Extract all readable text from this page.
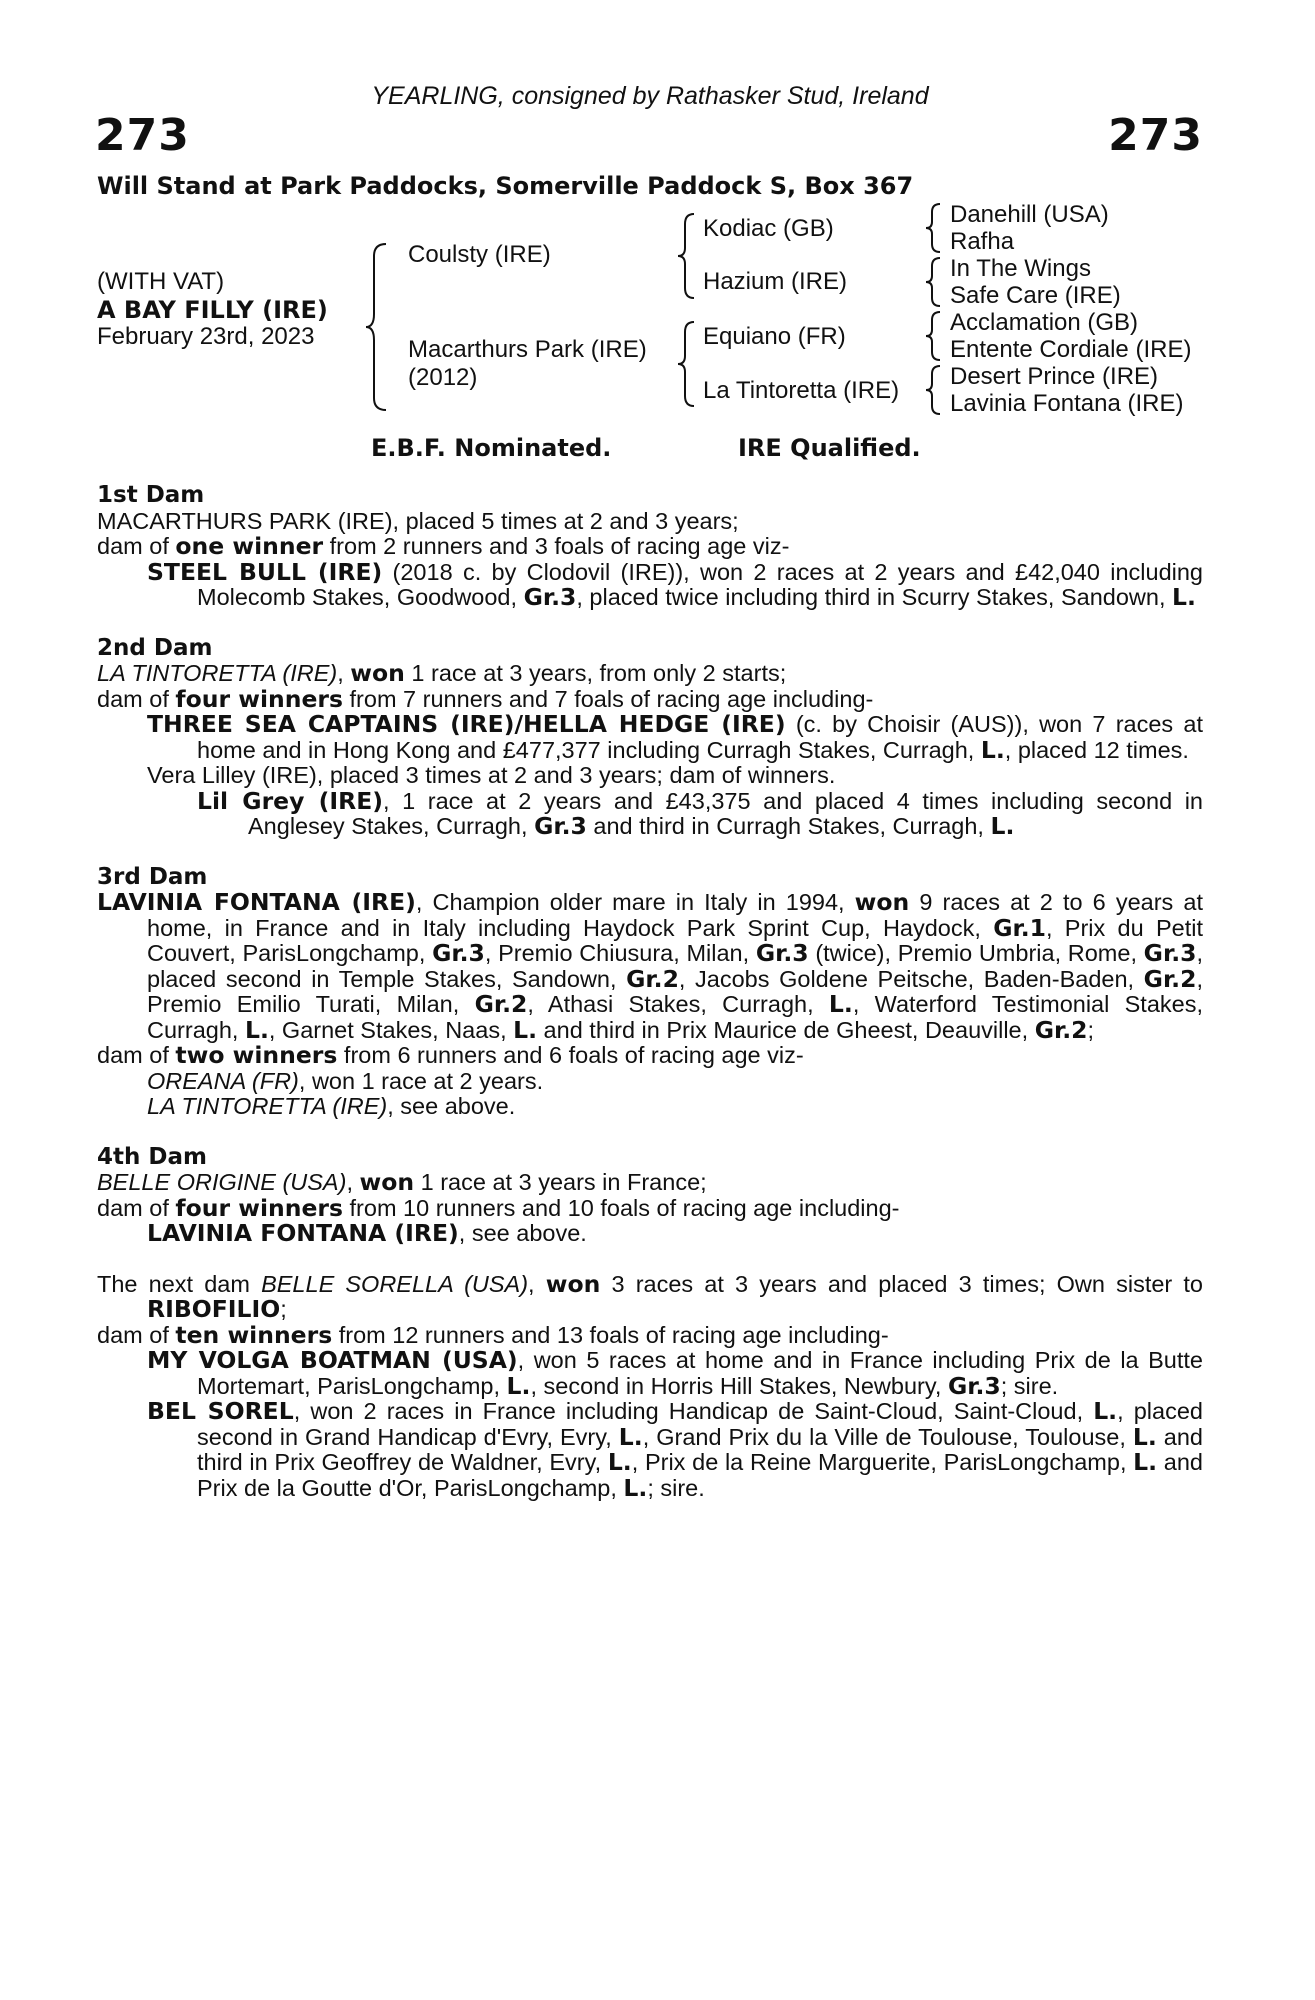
YEARLING, consigned by Rathasker Stud, Ireland
273	273
Will Stand at Park Paddocks, Somerville Paddock S, Box 367
(WITH VAT)
A BAY FILLY (IRE)
February 23rd, 2023
Coulsty (IRE)
Macarthurs Park (IRE)
(2012)
Kodiac (GB)
Hazium (IRE)
Equiano (FR)
La Tintoretta (IRE)
Danehill (USA)
Rafha
In The Wings
Safe Care (IRE)
Acclamation (GB)
Entente Cordiale (IRE)
Desert Prince (IRE)
Lavinia Fontana (IRE)
E.B.F. Nominated.	IRE Qualified.

1st Dam

MACARTHURS PARK (IRE), placed 5 times at 2 and 3 years;

dam of one winner from 2 runners and 3 foals of racing age viz-

STEEL BULL (IRE) (2018 c. by Clodovil (IRE)), won 2 races at 2 years and £42,040 including Molecomb Stakes, Goodwood, Gr.3, placed twice including third in Scurry Stakes, Sandown, L.

2nd Dam

LA TINTORETTA (IRE), won 1 race at 3 years, from only 2 starts;

dam of four winners from 7 runners and 7 foals of racing age including-

THREE SEA CAPTAINS (IRE)/HELLA HEDGE (IRE) (c. by Choisir (AUS)), won 7 races at home and in Hong Kong and £477,377 including Curragh Stakes, Curragh, L., placed 12 times.

Vera Lilley (IRE), placed 3 times at 2 and 3 years; dam of winners.

Lil Grey (IRE), 1 race at 2 years and £43,375 and placed 4 times including second in Anglesey Stakes, Curragh, Gr.3 and third in Curragh Stakes, Curragh, L.

3rd Dam

LAVINIA FONTANA (IRE), Champion older mare in Italy in 1994, won 9 races at 2 to 6 years at home, in France and in Italy including Haydock Park Sprint Cup, Haydock, Gr.1, Prix du Petit Couvert, ParisLongchamp, Gr.3, Premio Chiusura, Milan, Gr.3 (twice), Premio Umbria, Rome, Gr.3, placed second in Temple Stakes, Sandown, Gr.2, Jacobs Goldene Peitsche, Baden-Baden, Gr.2, Premio Emilio Turati, Milan, Gr.2, Athasi Stakes, Curragh, L., Waterford Testimonial Stakes, Curragh, L., Garnet Stakes, Naas, L. and third in Prix Maurice de Gheest, Deauville, Gr.2;

dam of two winners from 6 runners and 6 foals of racing age viz-

OREANA (FR), won 1 race at 2 years.

LA TINTORETTA (IRE), see above.

4th Dam

BELLE ORIGINE (USA), won 1 race at 3 years in France;

dam of four winners from 10 runners and 10 foals of racing age including-

LAVINIA FONTANA (IRE), see above.

The next dam BELLE SORELLA (USA), won 3 races at 3 years and placed 3 times; Own sister to RIBOFILIO;

dam of ten winners from 12 runners and 13 foals of racing age including-

MY VOLGA BOATMAN (USA), won 5 races at home and in France including Prix de la Butte Mortemart, ParisLongchamp, L., second in Horris Hill Stakes, Newbury, Gr.3; sire.

BEL SOREL, won 2 races in France including Handicap de Saint-Cloud, Saint-Cloud, L., placed second in Grand Handicap d'Evry, Evry, L., Grand Prix du la Ville de Toulouse, Toulouse, L. and third in Prix Geoffrey de Waldner, Evry, L., Prix de la Reine Marguerite, ParisLongchamp, L. and Prix de la Goutte d'Or, ParisLongchamp, L.; sire.
